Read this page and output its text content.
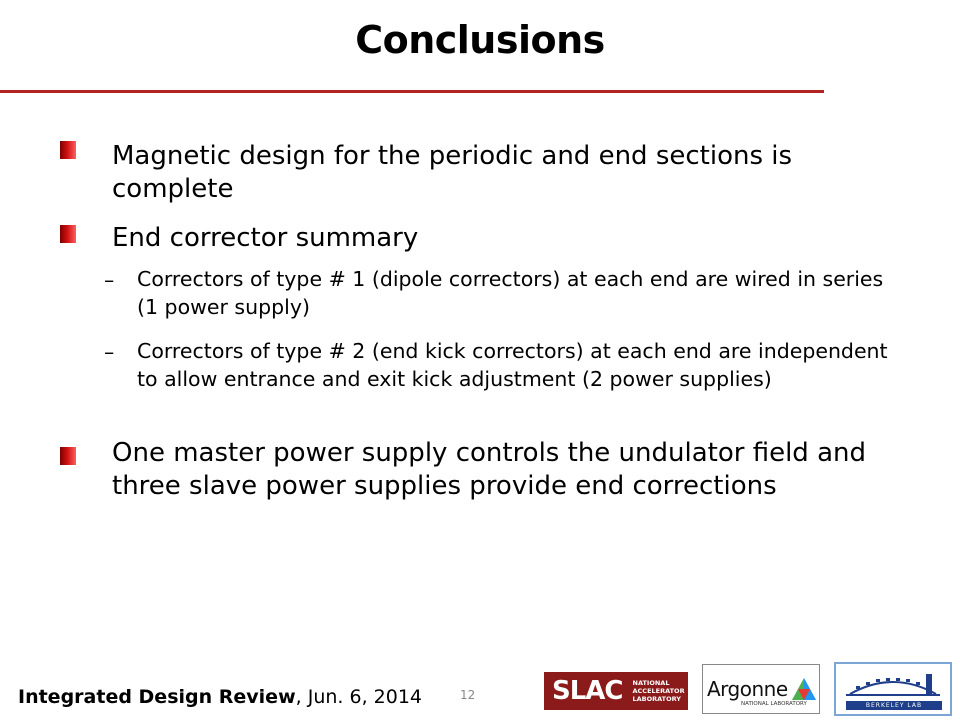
Conclusions
Magnetic design for the periodic and end sections is complete
End corrector summary
– Correctors of type # 1 (dipole correctors) at each end are wired in series (1 power supply)
– Correctors of type # 2 (end kick correctors) at each end are independent to allow entrance and exit kick adjustment (2 power supplies)
One master power supply controls the undulator field and three slave power supplies provide end corrections
Integrated Design Review, Jun. 6, 2014	12	SLAC NATIONAL ACCELERATOR LABORATORY	Argonne
NATIONAL LABORATORY	BERKELEY LAB
